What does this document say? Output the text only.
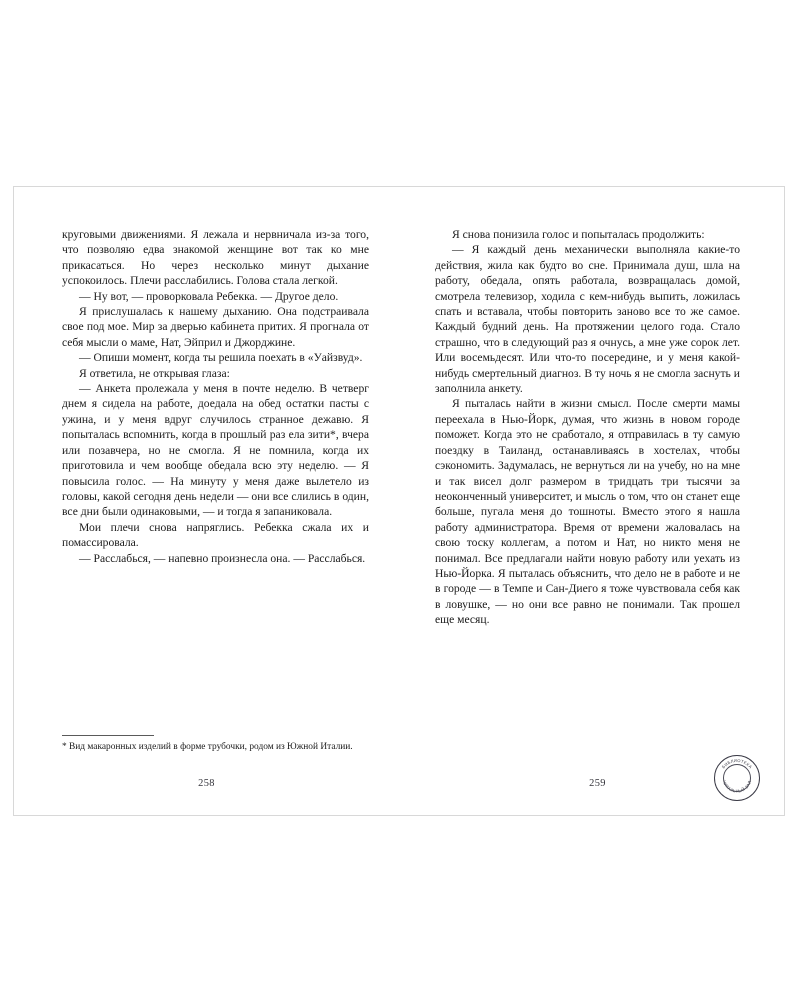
круговыми движениями. Я лежала и нервничала из-за того, что позволяю едва знакомой женщине вот так ко мне прикасаться. Но через несколько минут дыхание успокоилось. Плечи расслабились. Голова стала легкой.

— Ну вот, — проворковала Ребекка. — Другое дело.

Я прислушалась к нашему дыханию. Она подстраивала свое под мое. Мир за дверью кабинета притих. Я прогнала от себя мысли о маме, Нат, Эйприл и Джорджине.

— Опиши момент, когда ты решила поехать в «Уайзвуд».

Я ответила, не открывая глаза:

— Анкета пролежала у меня в почте неделю. В четверг днем я сидела на работе, доедала на обед остатки пасты с ужина, и у меня вдруг случилось странное дежавю. Я попыталась вспомнить, когда в прошлый раз ела зити*, вчера или позавчера, но не смогла. Я не помнила, когда их приготовила и чем вообще обедала всю эту неделю. — Я повысила голос. — На минуту у меня даже вылетело из головы, какой сегодня день недели — они все слились в один, все дни были одинаковыми, — и тогда я запаниковала.

Мои плечи снова напряглись. Ребекка сжала их и помассировала.

— Расслабься, — напевно произнесла она. — Расслабься.

* Вид макаронных изделий в форме трубочки, родом из Южной Италии.
258

Я снова понизила голос и попыталась продолжить:

— Я каждый день механически выполняла какие-то действия, жила как будто во сне. Принимала душ, шла на работу, обедала, опять работала, возвращалась домой, смотрела телевизор, ходила с кем-нибудь выпить, ложилась спать и вставала, чтобы повторить заново все то же самое. Каждый будний день. На протяжении целого года. Стало страшно, что в следующий раз я очнусь, а мне уже сорок лет. Или восемьдесят. Или что-то посередине, и у меня какой-нибудь смертельный диагноз. В ту ночь я не смогла заснуть и заполнила анкету.

Я пыталась найти в жизни смысл. После смерти мамы переехала в Нью-Йорк, думая, что жизнь в новом городе поможет. Когда это не сработало, я отправилась в ту самую поездку в Таиланд, останавливаясь в хостелах, чтобы сэкономить. Задумалась, не вернуться ли на учебу, но на мне и так висел долг размером в тридцать три тысячи за неоконченный университет, и мысль о том, что он станет еще больше, пугала меня до тошноты. Вместо этого я нашла работу администратора. Время от времени жаловалась на свою тоску коллегам, а потом и Нат, но никто меня не понимал. Все предлагали найти новую работу или уехать из Нью-Йорка. Я пыталась объяснить, что дело не в работе и не в городе — в Темпе и Сан-Диего я тоже чувствовала себя как в ловушке, — но они все равно не понимали. Так прошел еще месяц.

259
БИБЛИОТЕКА
ЧИТАЛЬНЫЙ ЗАЛ
